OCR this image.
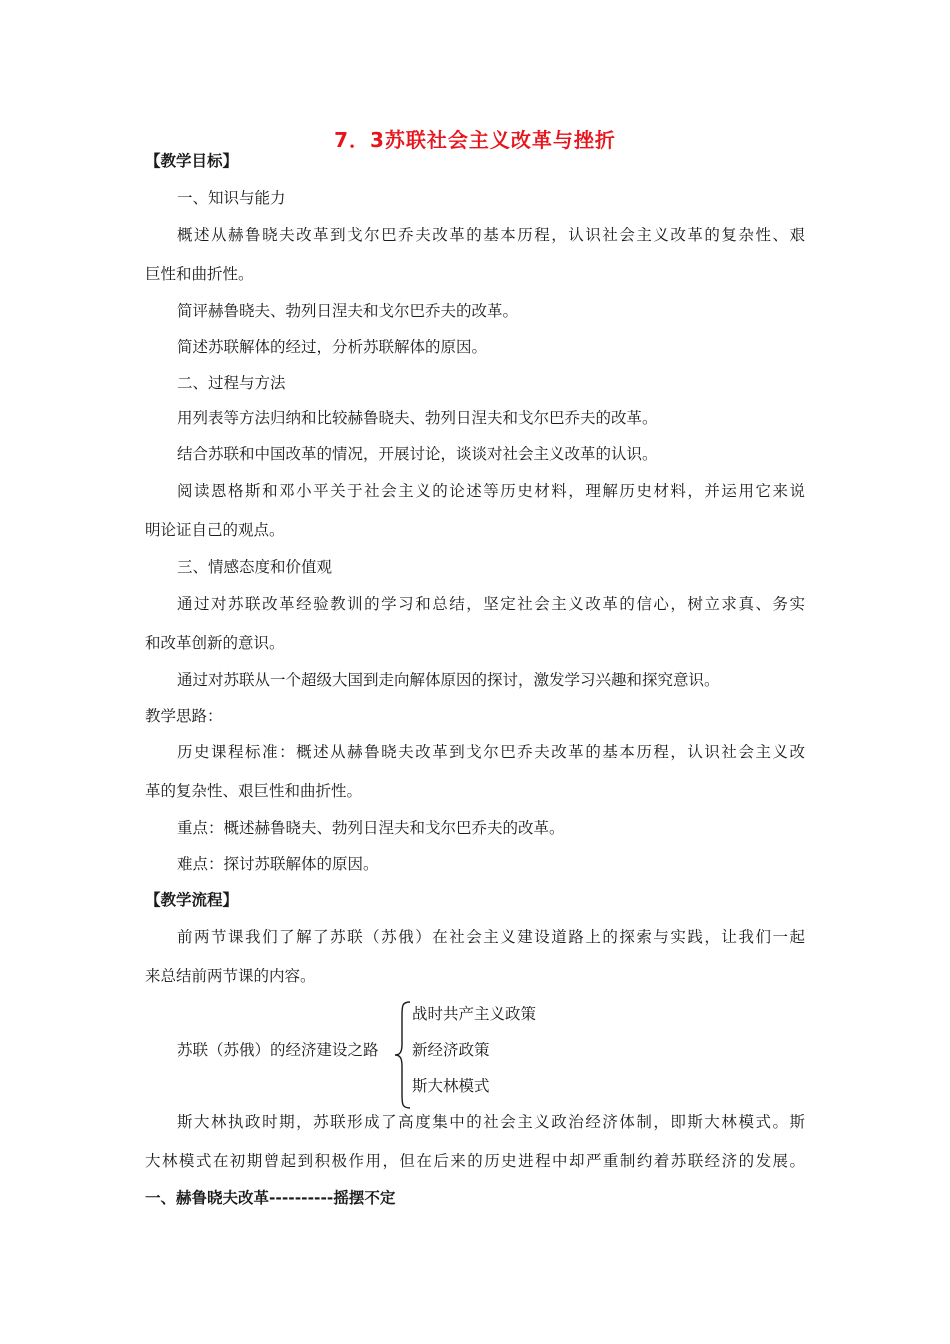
7．3苏联社会主义改革与挫折
【教学目标】
一、知识与能力
概述从赫鲁晓夫改革到戈尔巴乔夫改革的基本历程，认识社会主义改革的复杂性、艰
巨性和曲折性。
简评赫鲁晓夫、勃列日涅夫和戈尔巴乔夫的改革。
简述苏联解体的经过，分析苏联解体的原因。
二、过程与方法
用列表等方法归纳和比较赫鲁晓夫、勃列日涅夫和戈尔巴乔夫的改革。
结合苏联和中国改革的情况，开展讨论，谈谈对社会主义改革的认识。
阅读恩格斯和邓小平关于社会主义的论述等历史材料，理解历史材料，并运用它来说
明论证自己的观点。
三、情感态度和价值观
通过对苏联改革经验教训的学习和总结，坚定社会主义改革的信心，树立求真、务实
和改革创新的意识。
通过对苏联从一个超级大国到走向解体原因的探讨，激发学习兴趣和探究意识。
教学思路：
历史课程标准：概述从赫鲁晓夫改革到戈尔巴乔夫改革的基本历程，认识社会主义改
革的复杂性、艰巨性和曲折性。
重点：概述赫鲁晓夫、勃列日涅夫和戈尔巴乔夫的改革。
难点：探讨苏联解体的原因。
【教学流程】
前两节课我们了解了苏联（苏俄）在社会主义建设道路上的探索与实践，让我们一起
来总结前两节课的内容。
苏联（苏俄）的经济建设之路
战时共产主义政策
新经济政策
斯大林模式
斯大林执政时期，苏联形成了高度集中的社会主义政治经济体制，即斯大林模式。斯
大林模式在初期曾起到积极作用，但在后来的历史进程中却严重制约着苏联经济的发展。
一、赫鲁晓夫改革----------摇摆不定
